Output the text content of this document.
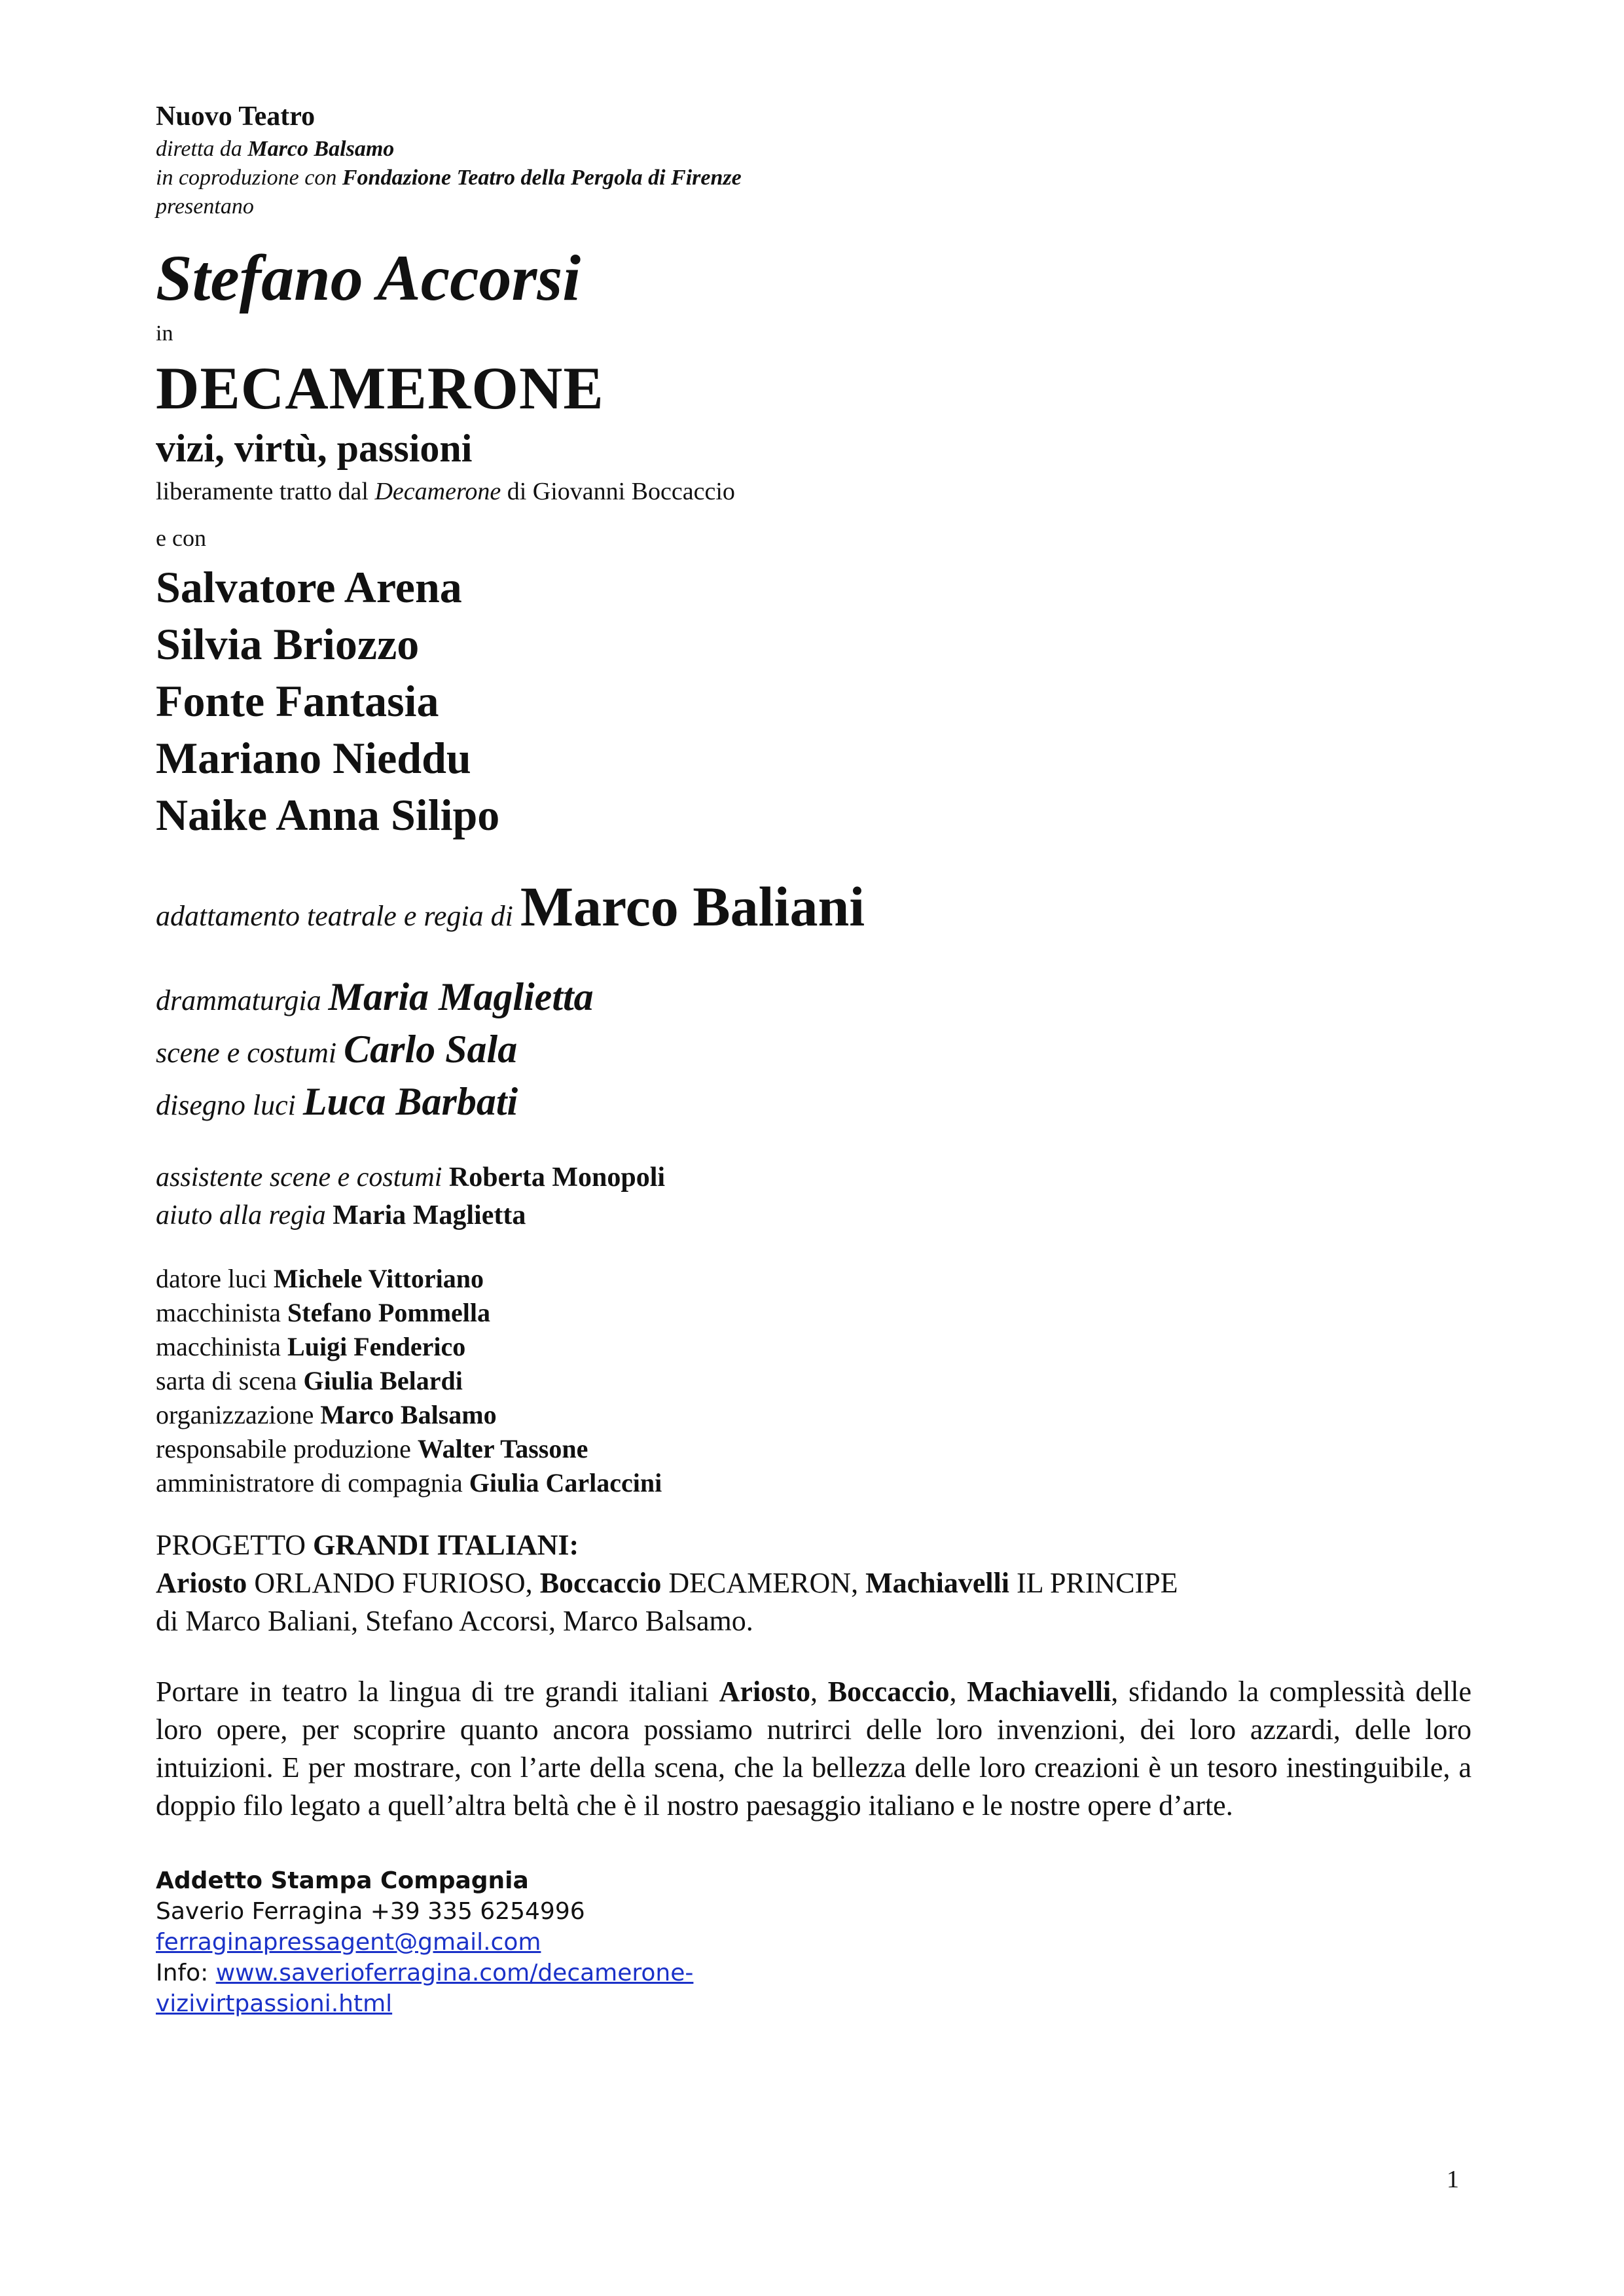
Nuovo Teatro

diretta da Marco Balsamo

in coproduzione con Fondazione Teatro della Pergola di Firenze

presentano

Stefano Accorsi

in

DECAMERONE

vizi, virtù, passioni

liberamente tratto dal Decamerone di Giovanni Boccaccio

e con

Salvatore Arena

Silvia Briozzo

Fonte Fantasia

Mariano Nieddu

Naike Anna Silipo

adattamento teatrale e regia di Marco Baliani

drammaturgia Maria Maglietta

scene e costumi Carlo Sala

disegno luci Luca Barbati

assistente scene e costumi Roberta Monopoli

aiuto alla regia Maria Maglietta

datore luci Michele Vittoriano

macchinista Stefano Pommella

macchinista Luigi Fenderico

sarta di scena Giulia Belardi

organizzazione Marco Balsamo

responsabile produzione Walter Tassone

amministratore di compagnia Giulia Carlaccini

PROGETTO GRANDI ITALIANI:

Ariosto ORLANDO FURIOSO, Boccaccio DECAMERON, Machiavelli IL PRINCIPE

di Marco Baliani, Stefano Accorsi, Marco Balsamo.

Portare in teatro la lingua di tre grandi italiani Ariosto, Boccaccio, Machiavelli, sfidando la complessità delle loro opere, per scoprire quanto ancora possiamo nutrirci delle loro invenzioni, dei loro azzardi, delle loro intuizioni. E per mostrare, con l’arte della scena, che la bellezza delle loro creazioni è un tesoro inestinguibile, a doppio filo legato a quell’altra beltà che è il nostro paesaggio italiano e le nostre opere d’arte.

Addetto Stampa Compagnia

Saverio Ferragina +39 335 6254996

ferraginapressagent@gmail.com

Info: www.saverioferragina.com/decamerone-

vizivirtpassioni.html

1
